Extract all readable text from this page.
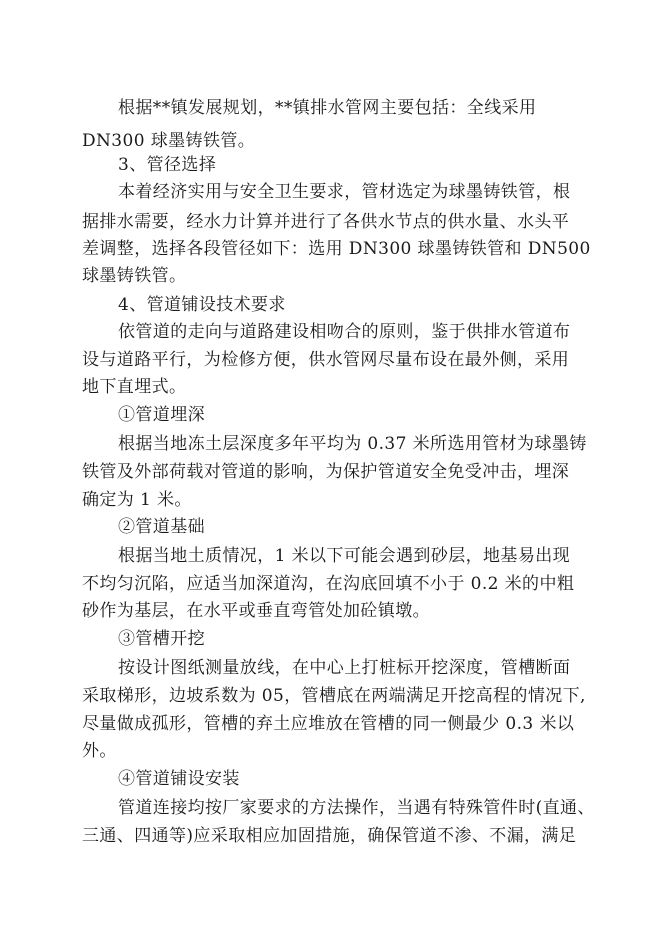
根据**镇发展规划，**镇排水管网主要包括：全线采用
DN300 球墨铸铁管。
3、管径选择
本着经济实用与安全卫生要求，管材选定为球墨铸铁管，根
据排水需要，经水力计算并进行了各供水节点的供水量、水头平
差调整，选择各段管径如下：选用 DN300 球墨铸铁管和 DN500
球墨铸铁管。
4、管道铺设技术要求
依管道的走向与道路建设相吻合的原则，鉴于供排水管道布
设与道路平行，为检修方便，供水管网尽量布设在最外侧，采用
地下直埋式。
①管道埋深
根据当地冻土层深度多年平均为 0.37 米所选用管材为球墨铸
铁管及外部荷载对管道的影响，为保护管道安全免受冲击，埋深
确定为 1 米。
②管道基础
根据当地土质情况，1 米以下可能会遇到砂层，地基易出现
不均匀沉陷，应适当加深道沟，在沟底回填不小于 0.2 米的中粗
砂作为基层，在水平或垂直弯管处加砼镇墩。
③管槽开挖
按设计图纸测量放线，在中心上打桩标开挖深度，管槽断面
采取梯形，边坡系数为 05，管槽底在两端满足开挖高程的情况下,
尽量做成孤形，管槽的弃土应堆放在管槽的同一侧最少 0.3 米以
外。
④管道铺设安装
管道连接均按厂家要求的方法操作，当遇有特殊管件时(直通、
三通、四通等)应采取相应加固措施，确保管道不渗、不漏，满足
